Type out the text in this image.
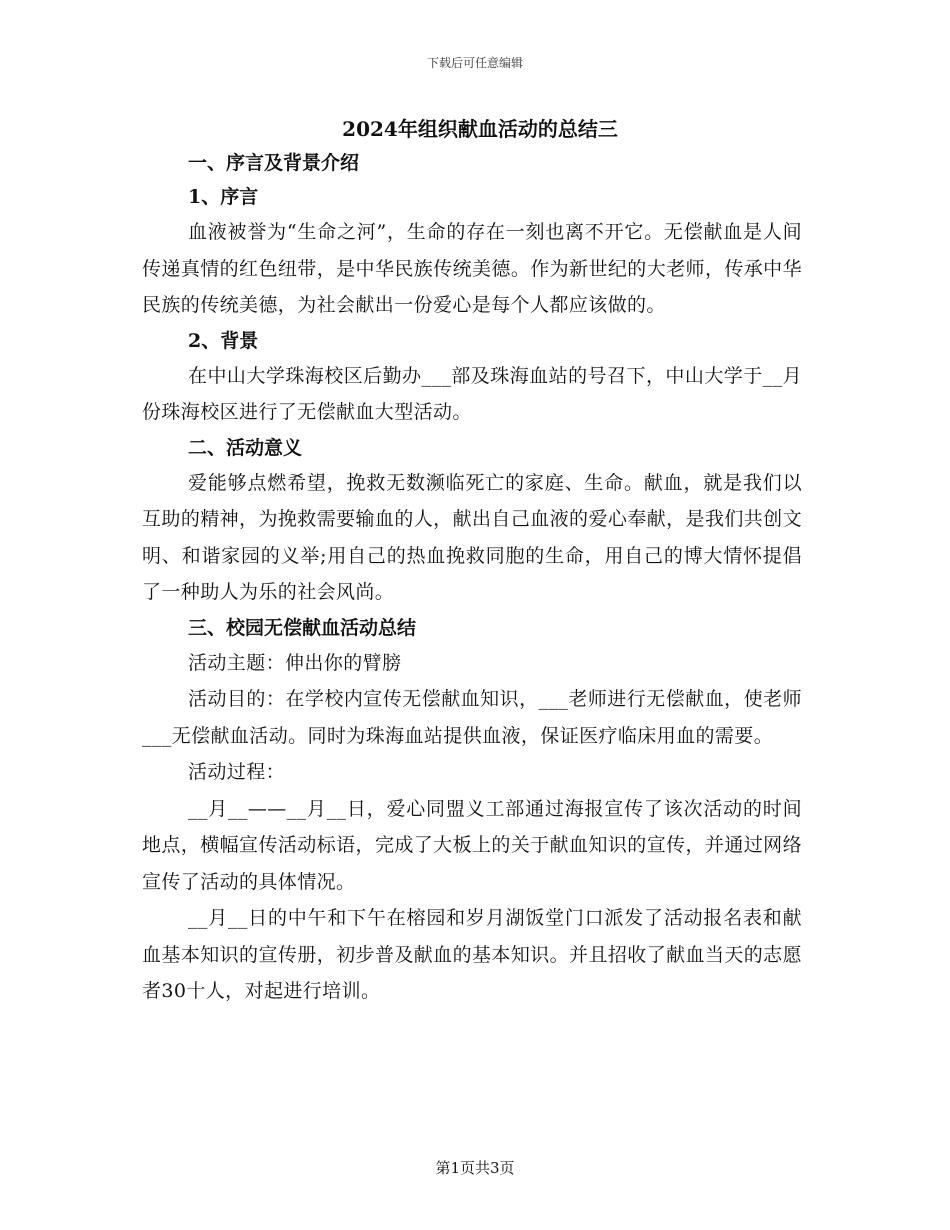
下载后可任意编辑
2024年组织献血活动的总结三
一、序言及背景介绍
1、序言

血液被誉为“生命之河”，生命的存在一刻也离不开它。无偿献血是人间传递真情的红色纽带，是中华民族传统美德。作为新世纪的大老师，传承中华民族的传统美德，为社会献出一份爱心是每个人都应该做的。

2、背景

在中山大学珠海校区后勤办___部及珠海血站的号召下，中山大学于__月份珠海校区进行了无偿献血大型活动。

二、活动意义

爱能够点燃希望，挽救无数濒临死亡的家庭、生命。献血，就是我们以互助的精神，为挽救需要输血的人，献出自己血液的爱心奉献，是我们共创文明、和谐家园的义举;用自己的热血挽救同胞的生命，用自己的博大情怀提倡了一种助人为乐的社会风尚。

三、校园无偿献血活动总结

活动主题：伸出你的臂膀

活动目的：在学校内宣传无偿献血知识，___老师进行无偿献血，使老师___无偿献血活动。同时为珠海血站提供血液，保证医疗临床用血的需要。

活动过程：

__月__——__月__日，爱心同盟义工部通过海报宣传了该次活动的时间地点，横幅宣传活动标语，完成了大板上的关于献血知识的宣传，并通过网络宣传了活动的具体情况。

__月__日的中午和下午在榕园和岁月湖饭堂门口派发了活动报名表和献血基本知识的宣传册，初步普及献血的基本知识。并且招收了献血当天的志愿者30十人，对起进行培训。

第1页共3页
